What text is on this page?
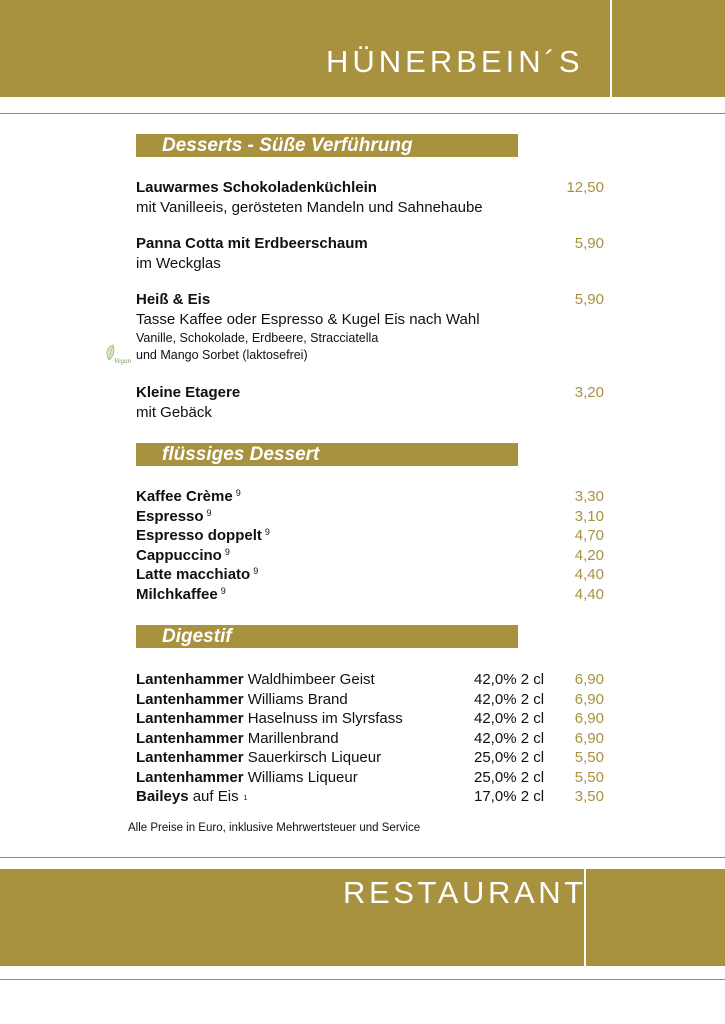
HÜNERBEIN´S
Desserts - Süße Verführung
Lauwarmes Schokoladenküchlein
mit Vanilleeis, gerösteten Mandeln und Sahnehaube
12,50
Panna Cotta mit Erdbeerschaum
im Weckglas
5,90
Heiß & Eis
Tasse Kaffee oder Espresso & Kugel Eis nach Wahl
Vanille, Schokolade, Erdbeere, Stracciatella
und Mango Sorbet (laktosefrei)
5,90
Vegan
Kleine Etagere
mit Gebäck
3,20
flüssiges Dessert
Kaffee Crème $^9$	3,30
Espresso $^9$	3,10
Espresso doppelt $^9$	4,70
Cappuccino $^9$	4,20
Latte macchiato $^9$	4,40
Milchkaffee $^9$	4,40
Digestif
Lantenhammer Waldhimbeer Geist	42,0% 2 cl 6,90
Lantenhammer Williams Brand	42,0% 2 cl 6,90
Lantenhammer Haselnuss im Slyrsfass	42,0% 2 cl 6,90
Lantenhammer Marillenbrand	42,0% 2 cl 6,90
Lantenhammer Sauerkirsch Liqueur	25,0% 2 cl 5,50
Lantenhammer Williams Liqueur	25,0% 2 cl 5,50
Baileys auf Eis $^1$	17,0% 2 cl 3,50
Alle Preise in Euro, inklusive Mehrwertsteuer und Service
RESTAURANT
